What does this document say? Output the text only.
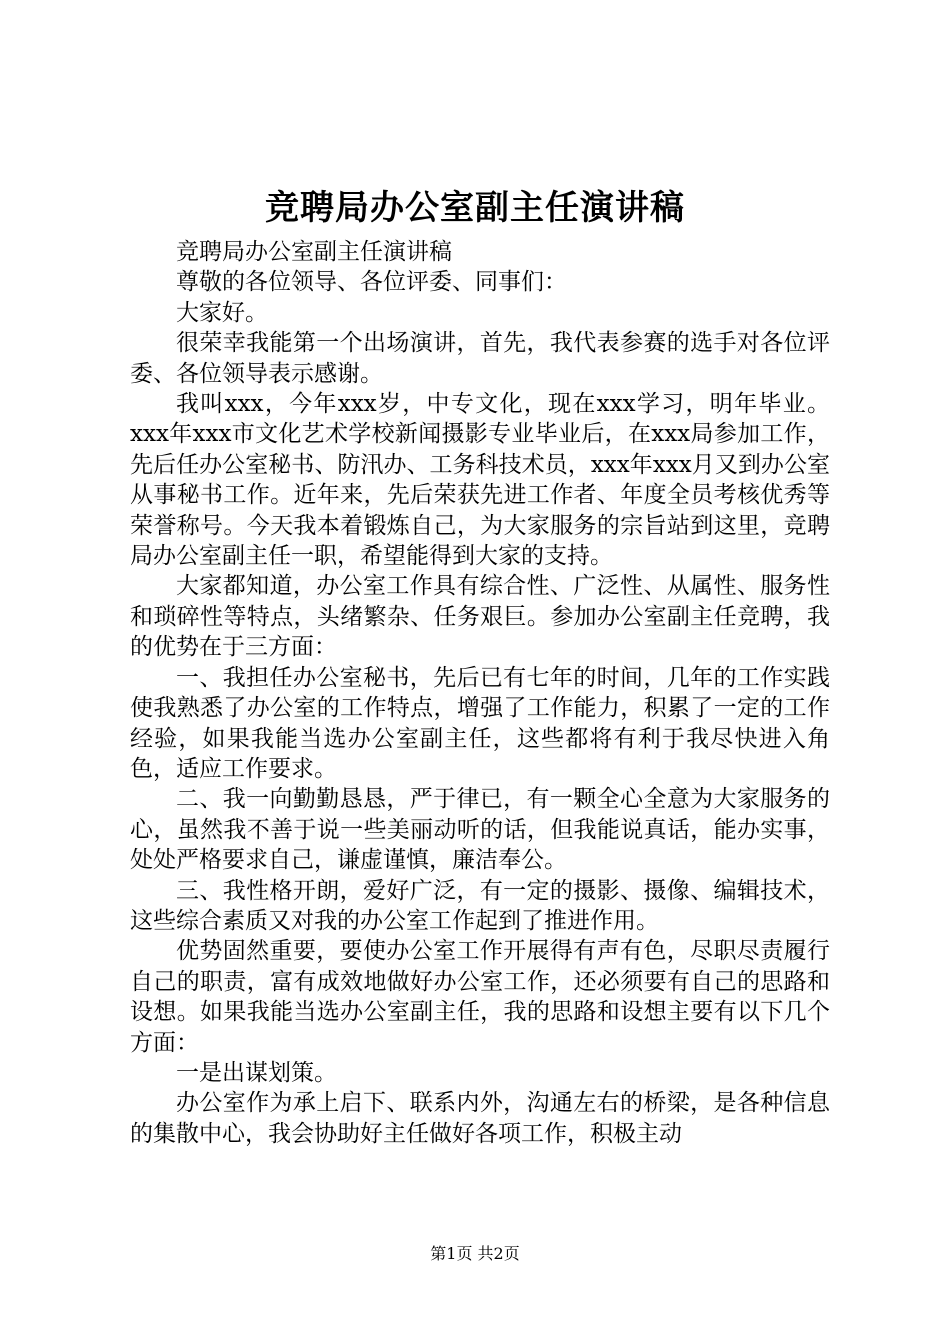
竞聘局办公室副主任演讲稿

竞聘局办公室副主任演讲稿

尊敬的各位领导、各位评委、同事们：

大家好。

很荣幸我能第一个出场演讲，首先，我代表参赛的选手对各位评委、各位领导表示感谢。

我叫xxx，今年xxx岁，中专文化，现在xxx学习，明年毕业。xxx年xxx市文化艺术学校新闻摄影专业毕业后，在xxx局参加工作，先后任办公室秘书、防汛办、工务科技术员，xxx年xxx月又到办公室从事秘书工作。近年来，先后荣获先进工作者、年度全员考核优秀等荣誉称号。今天我本着锻炼自己，为大家服务的宗旨站到这里，竞聘局办公室副主任一职，希望能得到大家的支持。

大家都知道，办公室工作具有综合性、广泛性、从属性、服务性和琐碎性等特点，头绪繁杂、任务艰巨。参加办公室副主任竞聘，我的优势在于三方面：

一、我担任办公室秘书，先后已有七年的时间，几年的工作实践使我熟悉了办公室的工作特点，增强了工作能力，积累了一定的工作经验，如果我能当选办公室副主任，这些都将有利于我尽快进入角色，适应工作要求。

二、我一向勤勤恳恳，严于律已，有一颗全心全意为大家服务的心，虽然我不善于说一些美丽动听的话，但我能说真话，能办实事，处处严格要求自己，谦虚谨慎，廉洁奉公。

三、我性格开朗，爱好广泛，有一定的摄影、摄像、编辑技术，这些综合素质又对我的办公室工作起到了推进作用。

优势固然重要，要使办公室工作开展得有声有色，尽职尽责履行自己的职责，富有成效地做好办公室工作，还必须要有自己的思路和设想。如果我能当选办公室副主任，我的思路和设想主要有以下几个方面：

一是出谋划策。

办公室作为承上启下、联系内外，沟通左右的桥梁，是各种信息的集散中心，我会协助好主任做好各项工作，积极主动

第1页 共2页
